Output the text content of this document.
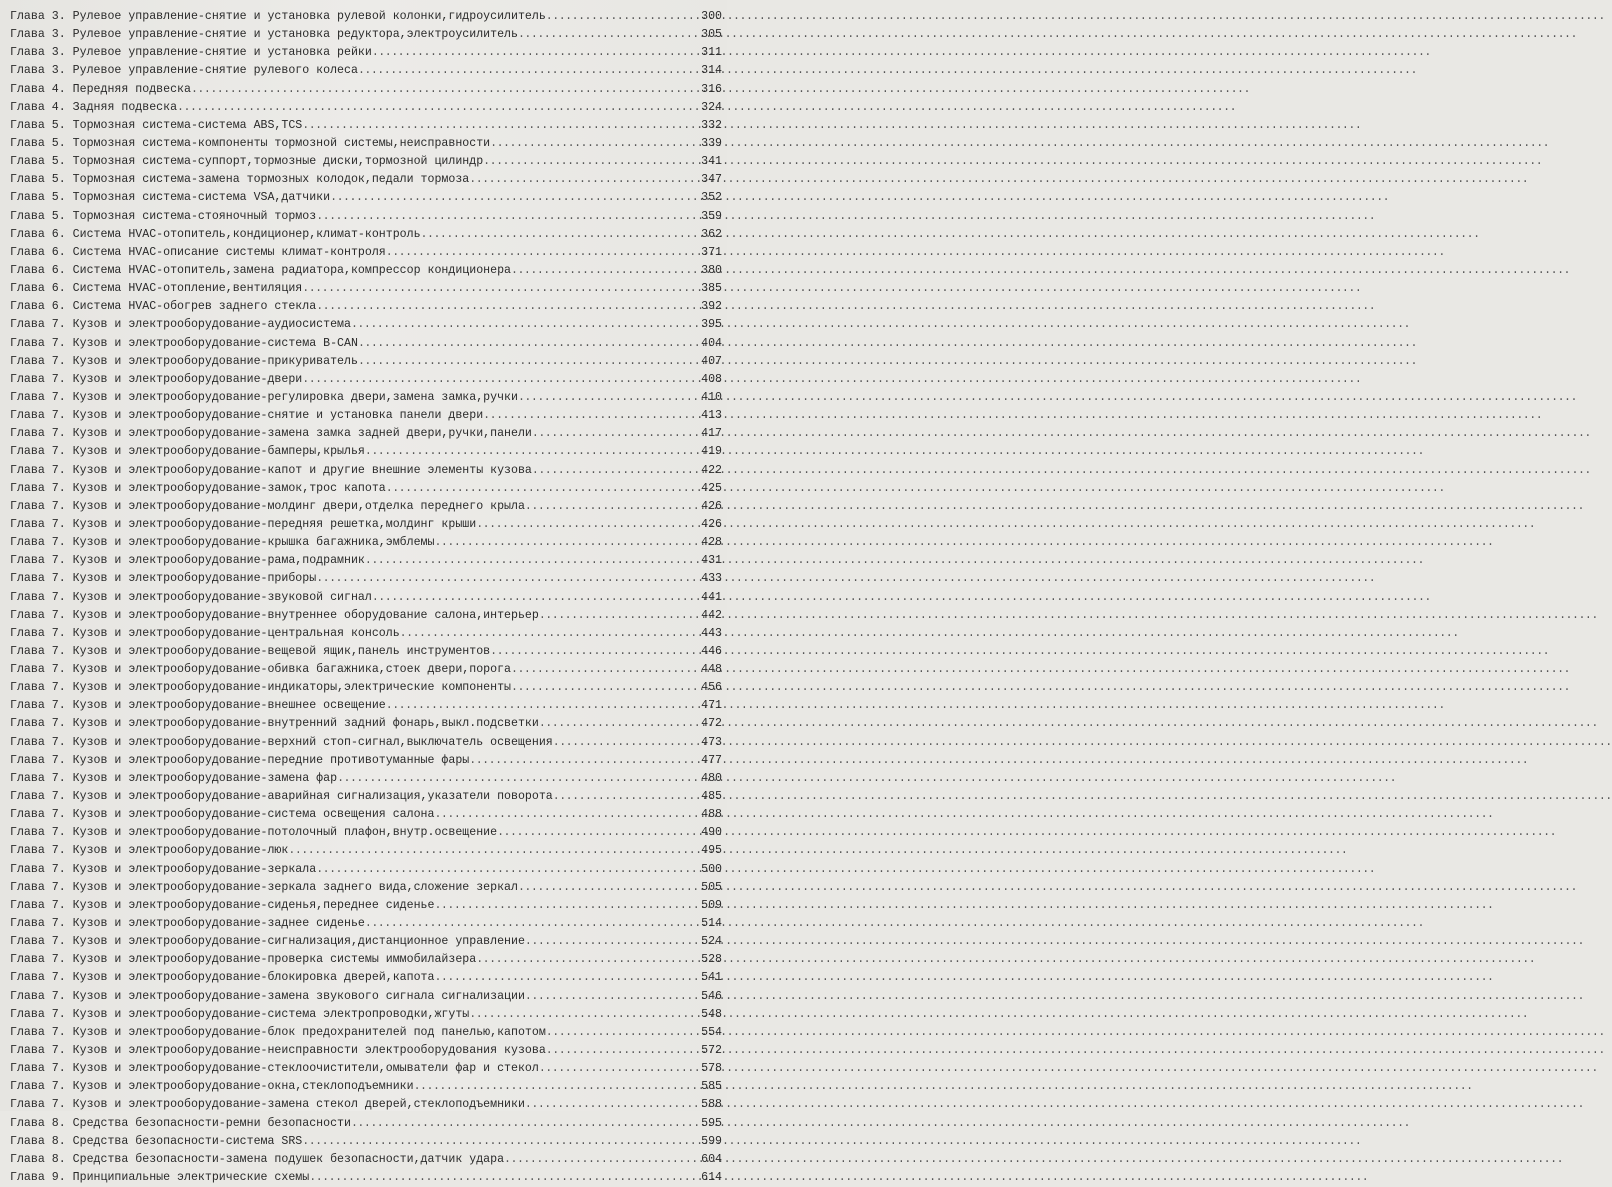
Глава 3. Рулевое управление-снятие и установка рулевой колонки,гидроусилитель .....	300
Глава 3. Рулевое управление-снятие и установка редуктора,электроусилитель .....	305
Глава 3. Рулевое управление-снятие и установка рейки .....	311
Глава 3. Рулевое управление-снятие рулевого колеса .....	314
Глава 4. Передняя подвеска .....	316
Глава 4. Задняя подвеска .....	324
Глава 5. Тормозная система-система ABS,TCS .....	332
Глава 5. Тормозная система-компоненты тормозной системы,неисправности .....	339
Глава 5. Тормозная система-суппорт,тормозные диски,тормозной цилиндр .....	341
Глава 5. Тормозная система-замена тормозных колодок,педали тормоза .....	347
Глава 5. Тормозная система-система VSA,датчики .....	352
Глава 5. Тормозная система-стояночный тормоз .....	359
Глава 6. Система HVAC-отопитель,кондиционер,климат-контроль .....	362
Глава 6. Система HVAC-описание системы климат-контроля .....	371
Глава 6. Система HVAC-отопитель,замена радиатора,компрессор кондиционера .....	380
Глава 6. Система HVAC-отопление,вентиляция .....	385
Глава 6. Система HVAC-обогрев заднего стекла .....	392
Глава 7. Кузов и электрооборудование-аудиосистема .....	395
Глава 7. Кузов и электрооборудование-система B-CAN .....	404
Глава 7. Кузов и электрооборудование-прикуриватель .....	407
Глава 7. Кузов и электрооборудование-двери .....	408
Глава 7. Кузов и электрооборудование-регулировка двери,замена замка,ручки .....	410
Глава 7. Кузов и электрооборудование-снятие и установка панели двери .....	413
Глава 7. Кузов и электрооборудование-замена замка задней двери,ручки,панели .....	417
Глава 7. Кузов и электрооборудование-бамперы,крылья .....	419
Глава 7. Кузов и электрооборудование-капот и другие внешние элементы кузова .....	422
Глава 7. Кузов и электрооборудование-замок,трос капота .....	425
Глава 7. Кузов и электрооборудование-молдинг двери,отделка переднего крыла .....	426
Глава 7. Кузов и электрооборудование-передняя решетка,молдинг крыши .....	426
Глава 7. Кузов и электрооборудование-крышка багажника,эмблемы .....	428
Глава 7. Кузов и электрооборудование-рама,подрамник .....	431
Глава 7. Кузов и электрооборудование-приборы .....	433
Глава 7. Кузов и электрооборудование-звуковой сигнал .....	441
Глава 7. Кузов и электрооборудование-внутреннее оборудование салона,интерьер .....	442
Глава 7. Кузов и электрооборудование-центральная консоль .....	443
Глава 7. Кузов и электрооборудование-вещевой ящик,панель инструментов .....	446
Глава 7. Кузов и электрооборудование-обивка багажника,стоек двери,порога .....	448
Глава 7. Кузов и электрооборудование-индикаторы,электрические компоненты .....	456
Глава 7. Кузов и электрооборудование-внешнее освещение .....	471
Глава 7. Кузов и электрооборудование-внутренний задний фонарь,выкл.подсветки .....	472
Глава 7. Кузов и электрооборудование-верхний стоп-сигнал,выключатель освещения .....	473
Глава 7. Кузов и электрооборудование-передние противотуманные фары .....	477
Глава 7. Кузов и электрооборудование-замена фар .....	480
Глава 7. Кузов и электрооборудование-аварийная сигнализация,указатели поворота .....	485
Глава 7. Кузов и электрооборудование-система освещения салона .....	488
Глава 7. Кузов и электрооборудование-потолочный плафон,внутр.освещение .....	490
Глава 7. Кузов и электрооборудование-люк .....	495
Глава 7. Кузов и электрооборудование-зеркала .....	500
Глава 7. Кузов и электрооборудование-зеркала заднего вида,сложение зеркал .....	505
Глава 7. Кузов и электрооборудование-сиденья,переднее сиденье .....	509
Глава 7. Кузов и электрооборудование-заднее сиденье .....	514
Глава 7. Кузов и электрооборудование-сигнализация,дистанционное управление .....	524
Глава 7. Кузов и электрооборудование-проверка системы иммобилайзера .....	528
Глава 7. Кузов и электрооборудование-блокировка дверей,капота .....	541
Глава 7. Кузов и электрооборудование-замена звукового сигнала сигнализации .....	546
Глава 7. Кузов и электрооборудование-система электропроводки,жгуты .....	548
Глава 7. Кузов и электрооборудование-блок предохранителей под панелью,капотом .....	554
Глава 7. Кузов и электрооборудование-неисправности электрооборудования кузова .....	572
Глава 7. Кузов и электрооборудование-стеклоочистители,омыватели фар и стекол .....	578
Глава 7. Кузов и электрооборудование-окна,стеклоподъемники .....	585
Глава 7. Кузов и электрооборудование-замена стекол дверей,стеклоподъемники .....	588
Глава 8. Средства безопасности-ремни безопасности .....	595
Глава 8. Средства безопасности-система SRS .....	599
Глава 8. Средства безопасности-замена подушек безопасности,датчик удара .....	604
Глава 9. Принципиальные электрические схемы .....	614
